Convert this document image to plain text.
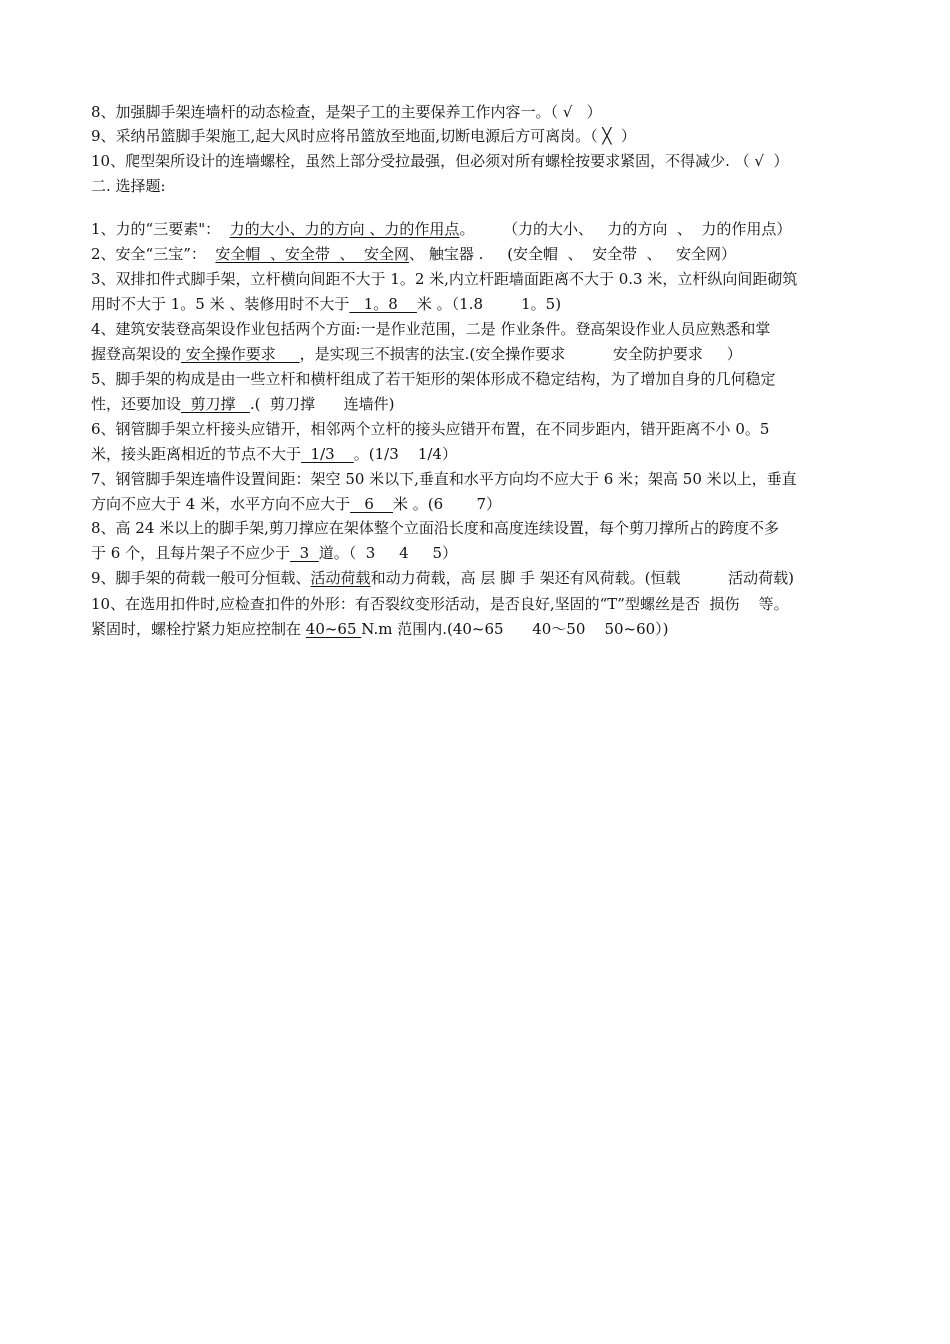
8、加强脚手架连墙杆的动态检查，是架子工的主要保养工作内容一。（ √   ）
9、采纳吊篮脚手架施工,起大风时应将吊篮放至地面,切断电源后方可离岗。（ ╳  ）
10、爬型架所设计的连墙螺栓，虽然上部分受拉最强，但必须对所有螺栓按要求紧固，不得减少. （ √  ）
二. 选择题:
1、力的“三要素"：  力的大小、力的方向 、力的作用点。      （力的大小、   力的方向  、  力的作用点）
2、安全“三宝”：  安全帽  、安全带  、  安全网、 触宝器 .     (安全帽  、  安全带  、   安全网）
3、双排扣件式脚手架，立杆横向间距不大于 1。2 米,内立杆距墙面距离不大于 0.3 米，立杆纵向间距砌筑
用时不大于 1。5 米 、装修用时不大于   1。8    米 。（1.8        1。5)
4、建筑安装登高架设作业包括两个方面:一是作业范围，二是 作业条件。登高架设作业人员应熟悉和掌
握登高架设的 安全操作要求     ，是实现三不损害的法宝.(安全操作要求          安全防护要求     ）
5、脚手架的构成是由一些立杆和横杆组成了若干矩形的架体形成不稳定结构，为了增加自身的几何稳定
性，还要加设  剪刀撑   .(  剪刀撑      连墙件)
6、钢管脚手架立杆接头应错开，相邻两个立杆的接头应错开布置，在不同步距内，错开距离不小 0。5
米，接头距离相近的节点不大于  1/3    。(1/3    1/4）
7、钢管脚手架连墙件设置间距：架空 50 米以下,垂直和水平方向均不应大于 6 米；架高 50 米以上，垂直
方向不应大于 4 米，水平方向不应大于   6    米 。(6       7）
8、高 24 米以上的脚手架,剪刀撑应在架体整个立面沿长度和高度连续设置，每个剪刀撑所占的跨度不多
于 6 个，且每片架子不应少于  3  道。（  3     4     5）
9、脚手架的荷载一般可分恒载、活动荷载和动力荷载，高 层 脚 手 架还有风荷载。(恒载          活动荷载)
10、在选用扣件时,应检查扣件的外形：有否裂纹变形活动，是否良好,坚固的“T”型螺丝是否  损伤    等。
紧固时，螺栓拧紧力矩应控制在 40~65 N.m 范围内.(40~65      40～50    50~60）)
